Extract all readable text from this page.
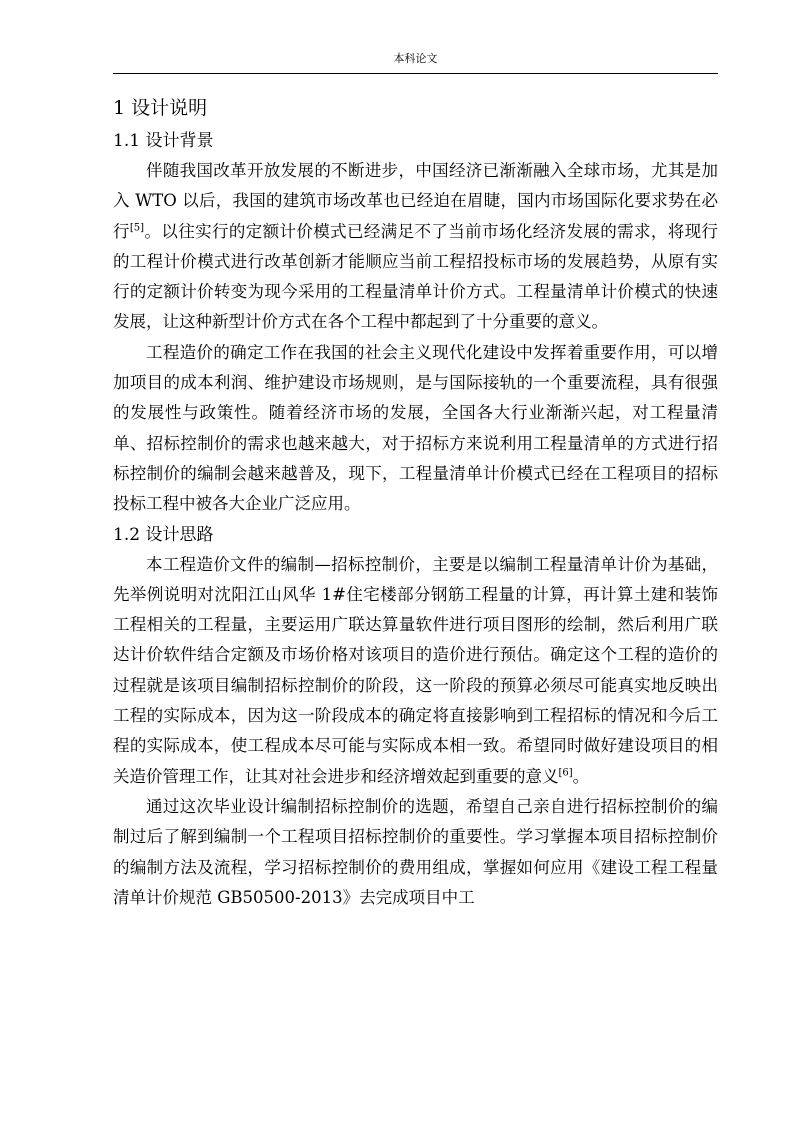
本科论文
1 设计说明
1.1 设计背景

伴随我国改革开放发展的不断进步，中国经济已渐渐融入全球市场，尤其是加入 WTO 以后，我国的建筑市场改革也已经迫在眉睫，国内市场国际化要求势在必行[5]。以往实行的定额计价模式已经满足不了当前市场化经济发展的需求，将现行的工程计价模式进行改革创新才能顺应当前工程招投标市场的发展趋势，从原有实行的定额计价转变为现今采用的工程量清单计价方式。工程量清单计价模式的快速发展，让这种新型计价方式在各个工程中都起到了十分重要的意义。

工程造价的确定工作在我国的社会主义现代化建设中发挥着重要作用，可以增加项目的成本利润、维护建设市场规则，是与国际接轨的一个重要流程，具有很强的发展性与政策性。随着经济市场的发展，全国各大行业渐渐兴起，对工程量清单、招标控制价的需求也越来越大，对于招标方来说利用工程量清单的方式进行招标控制价的编制会越来越普及，现下，工程量清单计价模式已经在工程项目的招标投标工程中被各大企业广泛应用。

1.2 设计思路

本工程造价文件的编制—招标控制价，主要是以编制工程量清单计价为基础，先举例说明对沈阳江山风华 1#住宅楼部分钢筋工程量的计算，再计算土建和装饰工程相关的工程量，主要运用广联达算量软件进行项目图形的绘制，然后利用广联达计价软件结合定额及市场价格对该项目的造价进行预估。确定这个工程的造价的过程就是该项目编制招标控制价的阶段，这一阶段的预算必须尽可能真实地反映出工程的实际成本，因为这一阶段成本的确定将直接影响到工程招标的情况和今后工程的实际成本，使工程成本尽可能与实际成本相一致。希望同时做好建设项目的相关造价管理工作，让其对社会进步和经济增效起到重要的意义[6]。

通过这次毕业设计编制招标控制价的选题，希望自己亲自进行招标控制价的编制过后了解到编制一个工程项目招标控制价的重要性。学习掌握本项目招标控制价的编制方法及流程，学习招标控制价的费用组成，掌握如何应用《建设工程工程量清单计价规范 GB50500-2013》去完成项目中工
